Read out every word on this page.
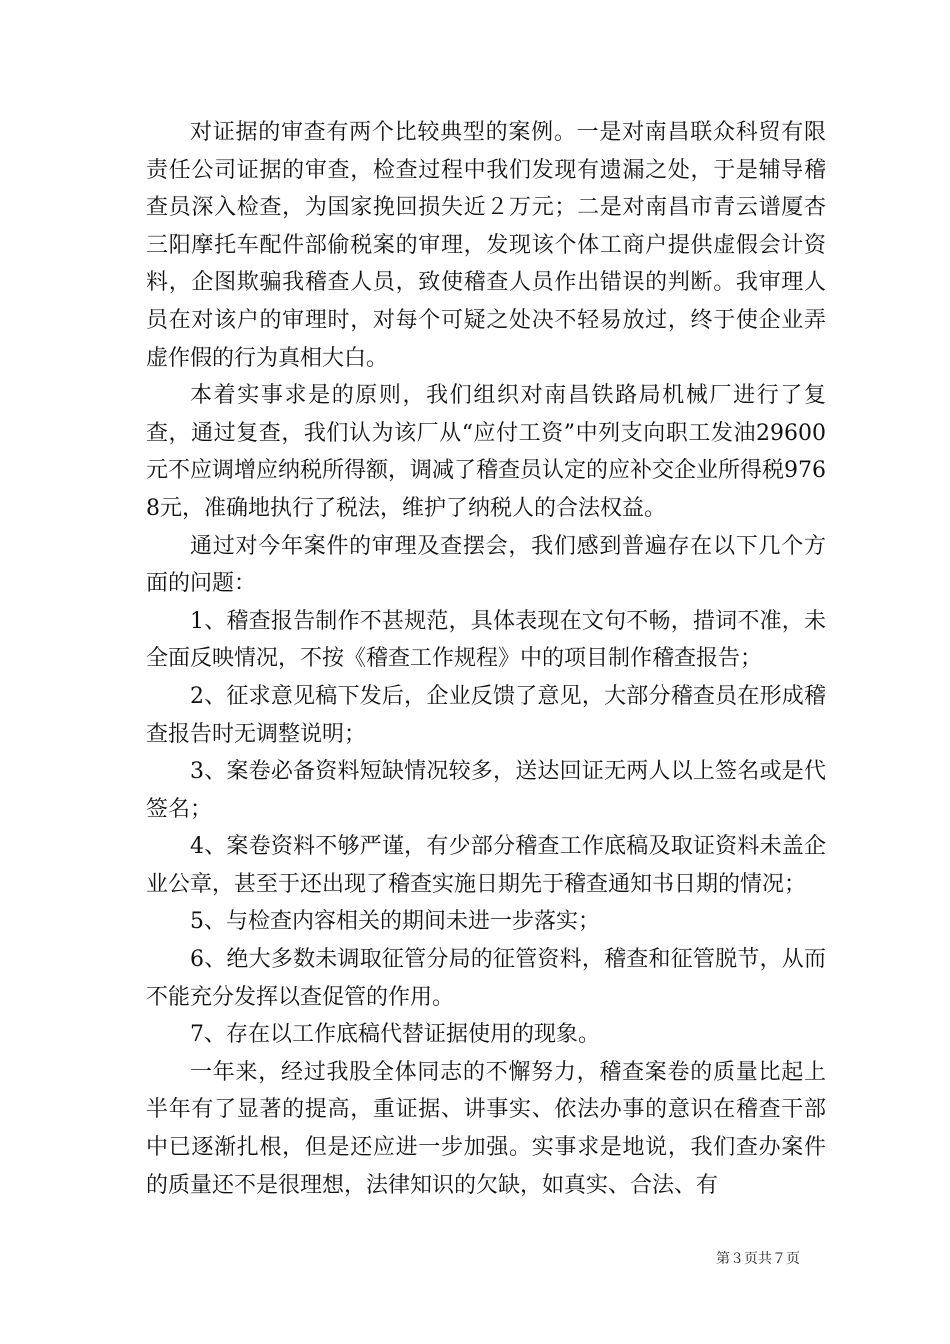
对证据的审查有两个比较典型的案例。一是对南昌联众科贸有限责任公司证据的审查，检查过程中我们发现有遗漏之处，于是辅导稽查员深入检查，为国家挽回损失近２万元；二是对南昌市青云谱厦杏三阳摩托车配件部偷税案的审理，发现该个体工商户提供虚假会计资料，企图欺骗我稽查人员，致使稽查人员作出错误的判断。我审理人员在对该户的审理时，对每个可疑之处决不轻易放过，终于使企业弄虚作假的行为真相大白。

本着实事求是的原则，我们组织对南昌铁路局机械厂进行了复查，通过复查，我们认为该厂从“应付工资”中列支向职工发油29600元不应调增应纳税所得额，调减了稽查员认定的应补交企业所得税9768元，准确地执行了税法，维护了纳税人的合法权益。

通过对今年案件的审理及查摆会，我们感到普遍存在以下几个方面的问题：

1、稽查报告制作不甚规范，具体表现在文句不畅，措词不准，未全面反映情况，不按《稽查工作规程》中的项目制作稽查报告；

2、征求意见稿下发后，企业反馈了意见，大部分稽查员在形成稽查报告时无调整说明；

3、案卷必备资料短缺情况较多，送达回证无两人以上签名或是代签名；

4、案卷资料不够严谨，有少部分稽查工作底稿及取证资料未盖企业公章，甚至于还出现了稽查实施日期先于稽查通知书日期的情况；

5、与检查内容相关的期间未进一步落实；

6、绝大多数未调取征管分局的征管资料，稽查和征管脱节，从而不能充分发挥以查促管的作用。

7、存在以工作底稿代替证据使用的现象。

一年来，经过我股全体同志的不懈努力，稽查案卷的质量比起上半年有了显著的提高，重证据、讲事实、依法办事的意识在稽查干部中已逐渐扎根，但是还应进一步加强。实事求是地说，我们查办案件的质量还不是很理想，法律知识的欠缺，如真实、合法、有

第３页共７页
